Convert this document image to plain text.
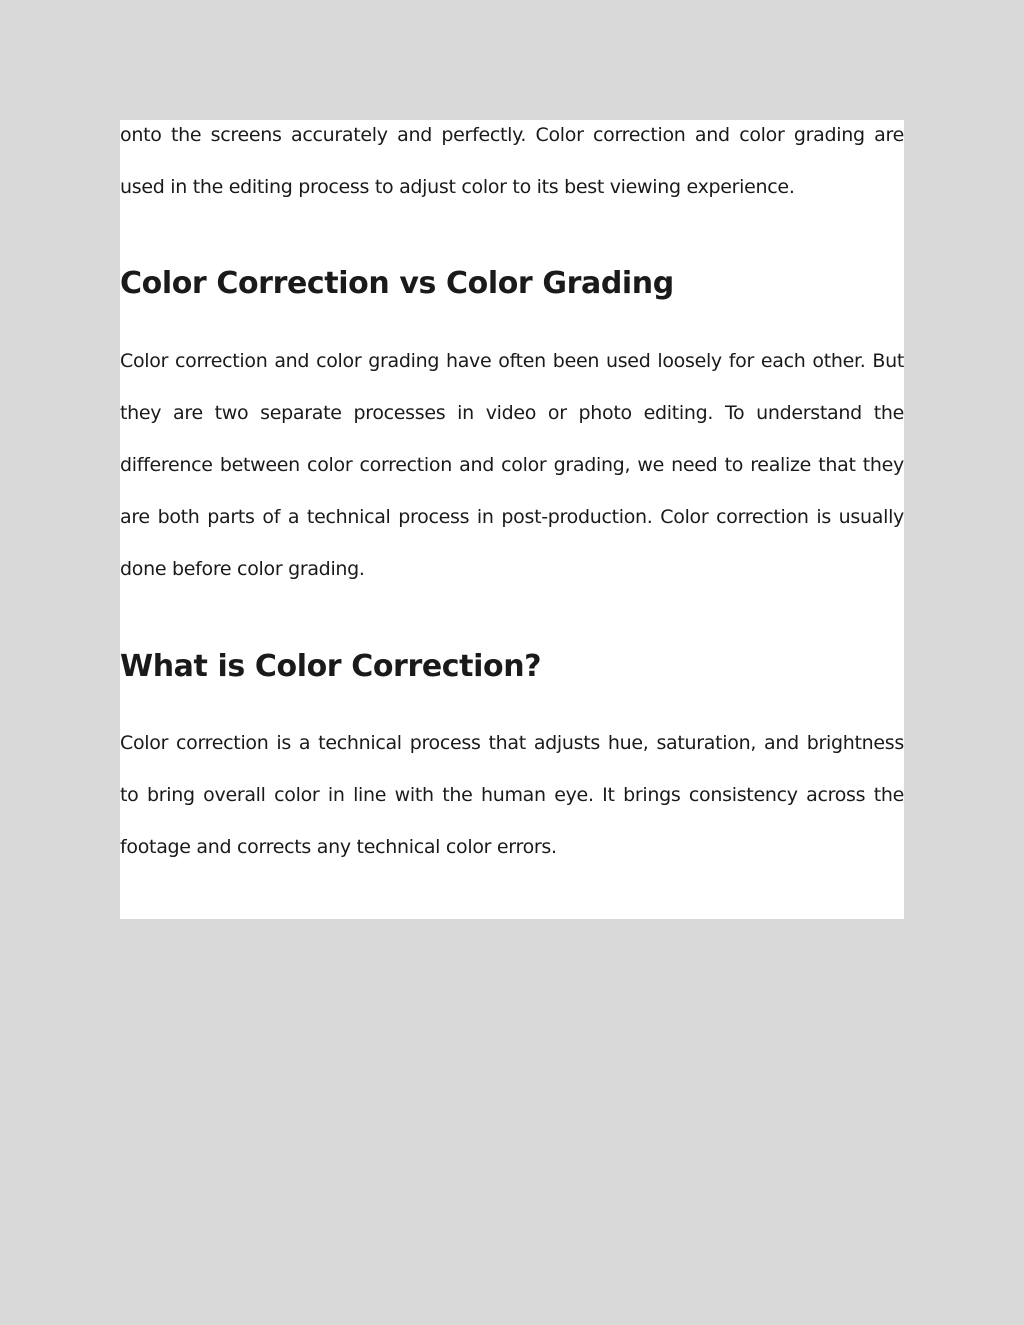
onto the screens accurately and perfectly. Color correction and color grading are used in the editing process to adjust color to its best viewing experience.

Color Correction vs Color Grading

Color correction and color grading have often been used loosely for each other. But they are two separate processes in video or photo editing. To understand the difference between color correction and color grading, we need to realize that they are both parts of a technical process in post-production. Color correction is usually done before color grading.

What is Color Correction?

Color correction is a technical process that adjusts hue, saturation, and brightness to bring overall color in line with the human eye. It brings consistency across the footage and corrects any technical color errors.
